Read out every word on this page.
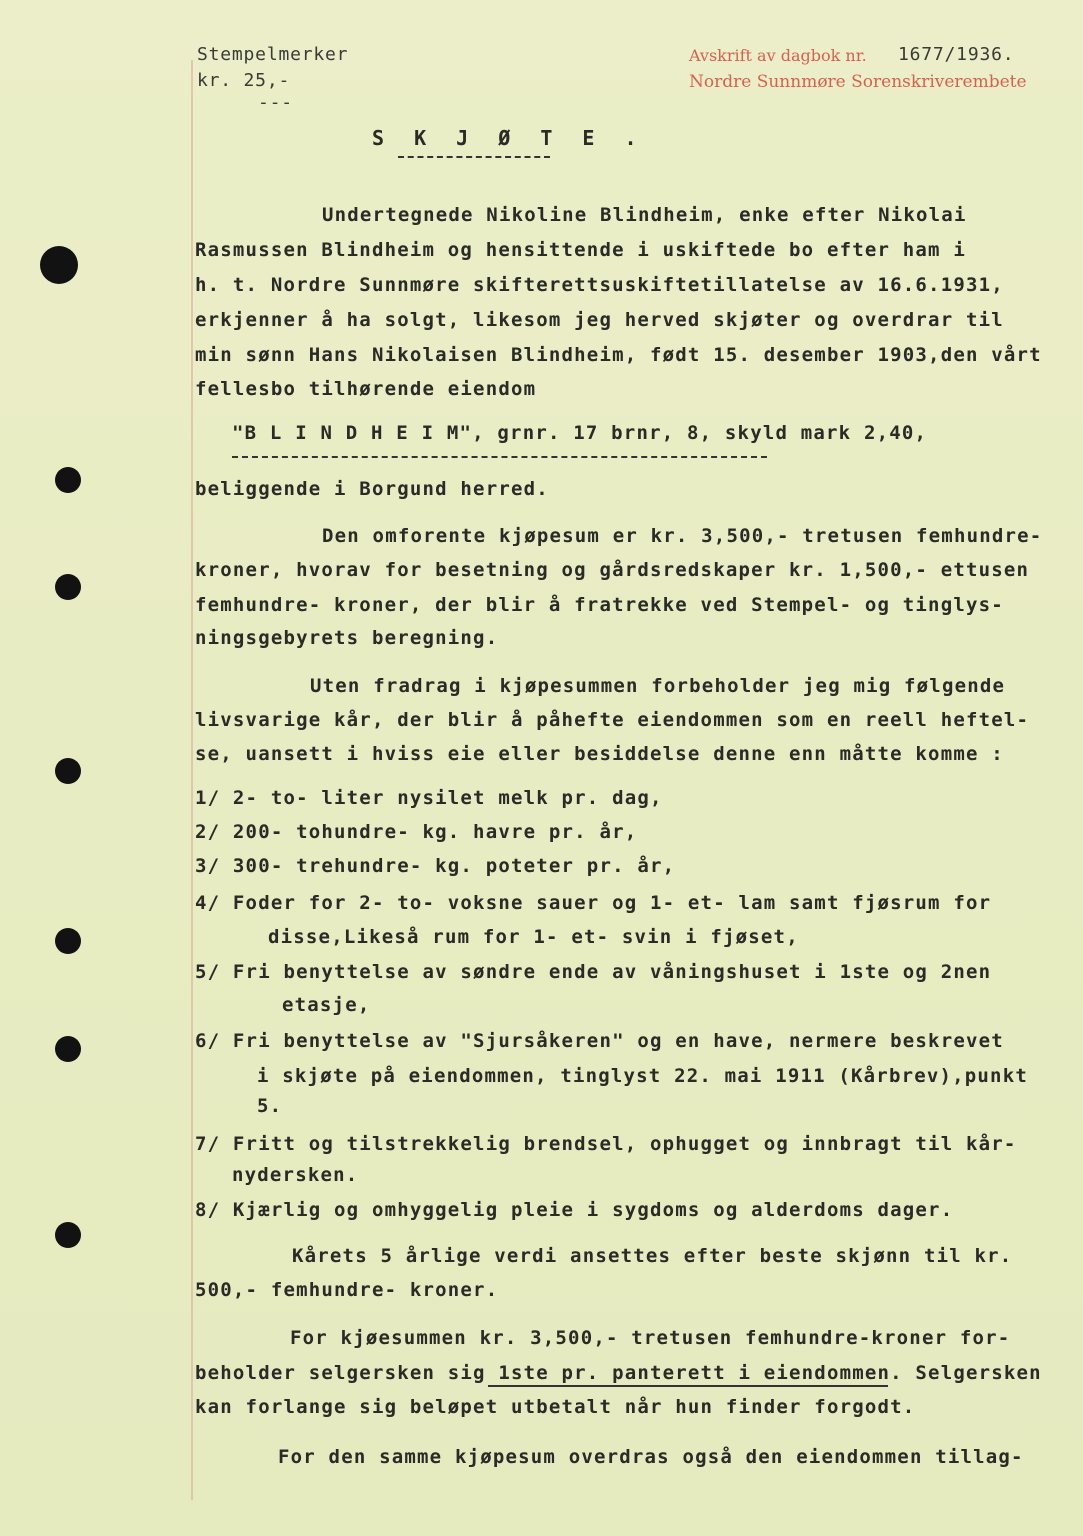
Stempelmerker
kr. 25,-
---
Avskrift av dagbok nr.
Nordre Sunnmøre Sorenskriverembete
1677/1936.
S K J Ø T E .
Undertegnede Nikoline Blindheim, enke efter Nikolai
Rasmussen Blindheim og hensittende i uskiftede bo efter ham i
h. t. Nordre Sunnmøre skifterettsuskiftetillatelse av 16.6.1931,
erkjenner å ha solgt, likesom jeg herved skjøter og overdrar til
min sønn Hans Nikolaisen Blindheim, født 15. desember 1903,den vårt
fellesbo tilhørende eiendom
"B L I N D H E I M", grnr. 17 brnr, 8, skyld mark 2,40,
beliggende i Borgund herred.
Den omforente kjøpesum er kr. 3,500,- tretusen femhundre-
kroner, hvorav for besetning og gårdsredskaper kr. 1,500,- ettusen
femhundre- kroner, der blir å fratrekke ved Stempel- og tinglys-
ningsgebyrets beregning.
Uten fradrag i kjøpesummen forbeholder jeg mig følgende
livsvarige kår, der blir å påhefte eiendommen som en reell heftel-
se, uansett i hviss eie eller besiddelse denne enn måtte komme :
1/ 2- to- liter nysilet melk pr. dag,
2/ 200- tohundre- kg. havre pr. år,
3/ 300- trehundre- kg. poteter pr. år,
4/ Foder for 2- to- voksne sauer og 1- et- lam samt fjøsrum for
disse,Likeså rum for 1- et- svin i fjøset,
5/ Fri benyttelse av søndre ende av våningshuset i 1ste og 2nen
etasje,
6/ Fri benyttelse av "Sjursåkeren" og en have, nermere beskrevet
i skjøte på eiendommen, tinglyst 22. mai 1911 (Kårbrev),punkt
5.
7/ Fritt og tilstrekkelig brendsel, ophugget og innbragt til kår-
nydersken.
8/ Kjærlig og omhyggelig pleie i sygdoms og alderdoms dager.
Kårets 5 årlige verdi ansettes efter beste skjønn til kr.
500,- femhundre- kroner.
For kjøesummen kr. 3,500,- tretusen femhundre-kroner for-
beholder selgersken sig 1ste pr. panterett i eiendommen. Selgersken
kan forlange sig beløpet utbetalt når hun finder forgodt.
For den samme kjøpesum overdras også den eiendommen tillag-
